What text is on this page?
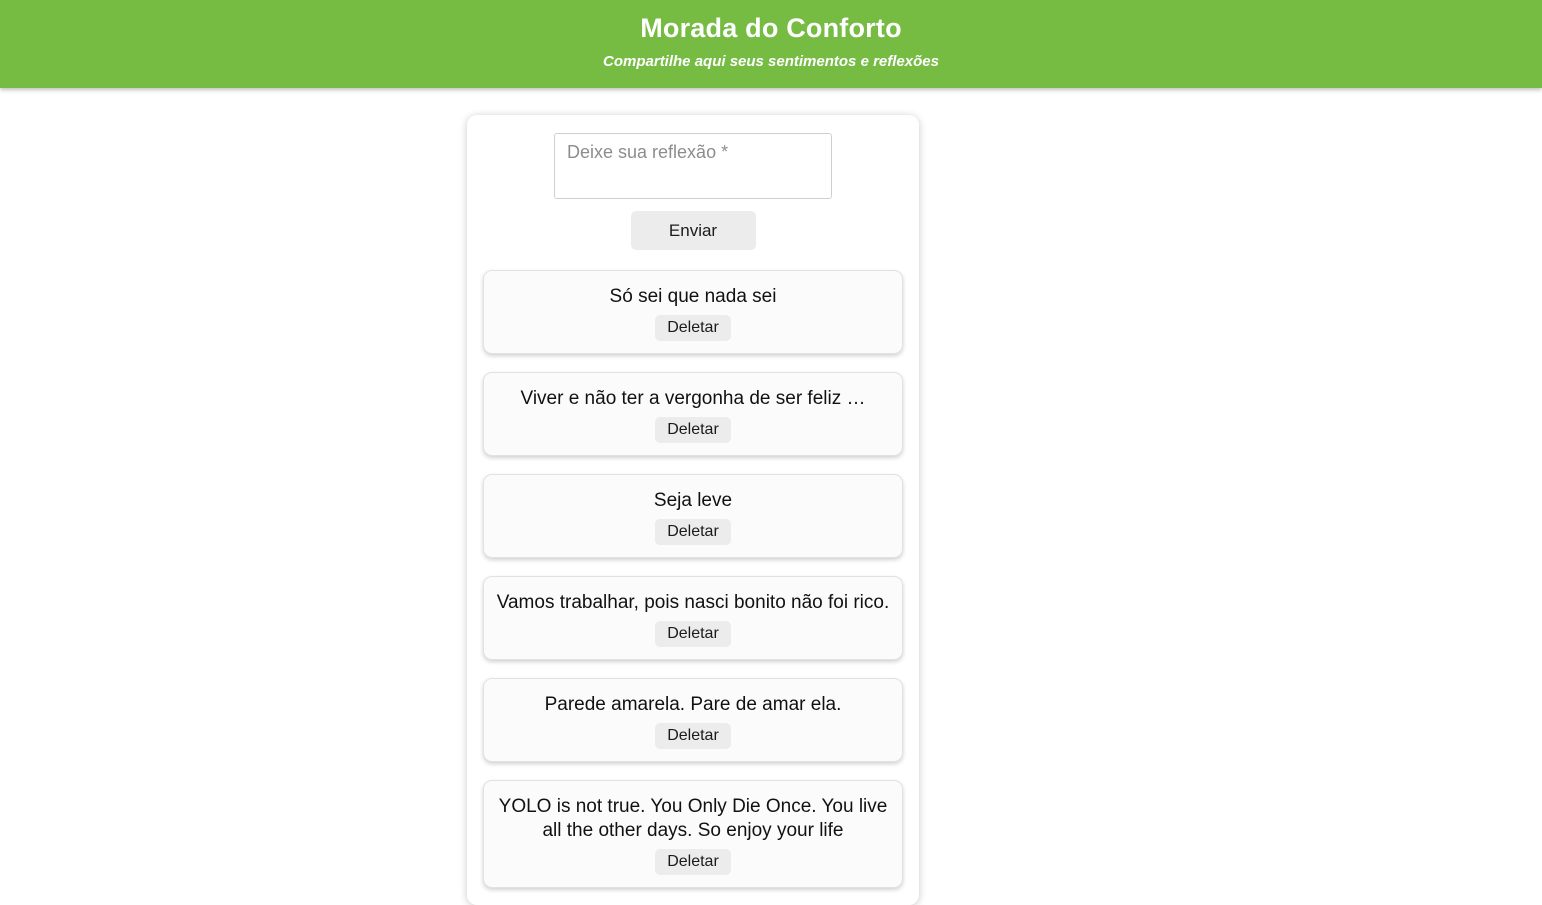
Morada do Conforto

Compartilhe aqui seus sentimentos e reflexões

Deixe sua reflexão *
Enviar
Só sei que nada sei
Deletar
Viver e não ter a vergonha de ser feliz …
Deletar
Seja leve
Deletar
Vamos trabalhar, pois nasci bonito não foi rico.
Deletar
Parede amarela. Pare de amar ela.
Deletar
YOLO is not true. You Only Die Once. You live all the other days. So enjoy your life
Deletar
